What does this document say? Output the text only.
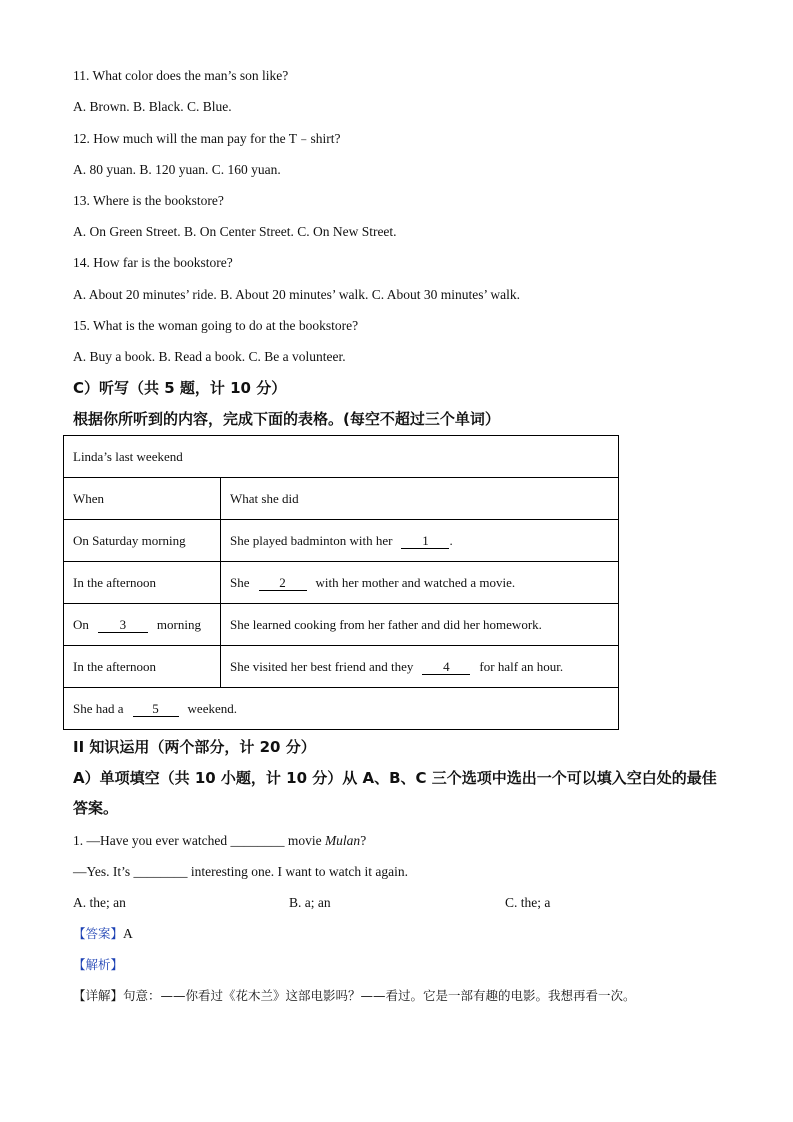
11. What color does the man’s son like?
A. Brown. B. Black. C. Blue.
12. How much will the man pay for the T﹣shirt?
A. 80 yuan. B. 120 yuan. C. 160 yuan.
13. Where is the bookstore?
A. On Green Street. B. On Center Street. C. On New Street.
14. How far is the bookstore?
A. About 20 minutes’ ride. B. About 20 minutes’ walk. C. About 30 minutes’ walk.
15. What is the woman going to do at the bookstore?
A. Buy a book. B. Read a book. C. Be a volunteer.
C）听写（共 5 题，计 10 分）
根据你所听到的内容，完成下面的表格。(每空不超过三个单词）
Linda’s last weekend	
When	What she did
On Saturday morning	She played badminton with her 1 .
In the afternoon	She 2 with her mother and watched a movie.
On 3 morning	She learned cooking from her father and did her homework.
In the afternoon	She visited her best friend and they 4 for half an hour.
She had a 5 weekend.	
II 知识运用（两个部分，计 20 分）
A）单项填空（共 10 小题，计 10 分）从 A、B、C 三个选项中选出一个可以填入空白处的最佳答案。
1. —Have you ever watched ________ movie Mulan?
—Yes. It’s ________ interesting one. I want to watch it again.
A. the; an	B. a; an	C. the; a
【答案】A
【解析】
【详解】句意：——你看过《花木兰》这部电影吗？——看过。它是一部有趣的电影。我想再看一次。
